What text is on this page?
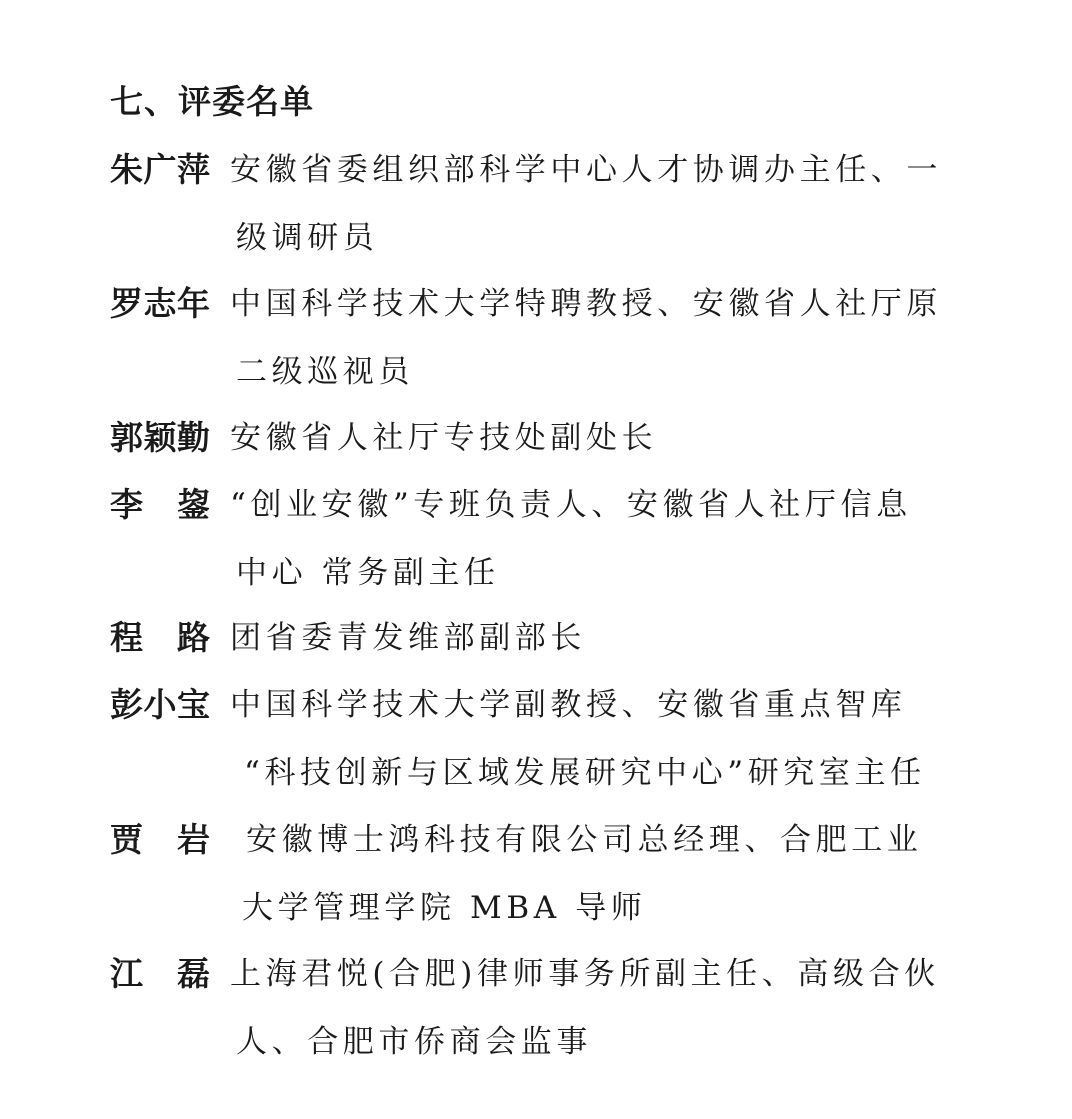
七、评委名单
朱 广 萍 安徽省委组织部科学中心人才协调办主任、一
级调研员
罗 志 年 中国科学技术大学特聘教授、安徽省人社厅原
二级巡视员
郭 颖 勤 安徽省人社厅专技处副处长
李 鋆 “创业安徽”专班负责人、安徽省人社厅信息
中心 常务副主任
程 路 团省委青发维部副部长
彭 小 宝 中国科学技术大学副教授、安徽省重点智库
“科技创新与区域发展研究中心”研究室主任
贾 岩 安徽博士鸿科技有限公司总经理、合肥工业
大学管理学院 MBA 导师
江 磊 上海君悦(合肥)律师事务所副主任、高级合伙
人、合肥市侨商会监事
